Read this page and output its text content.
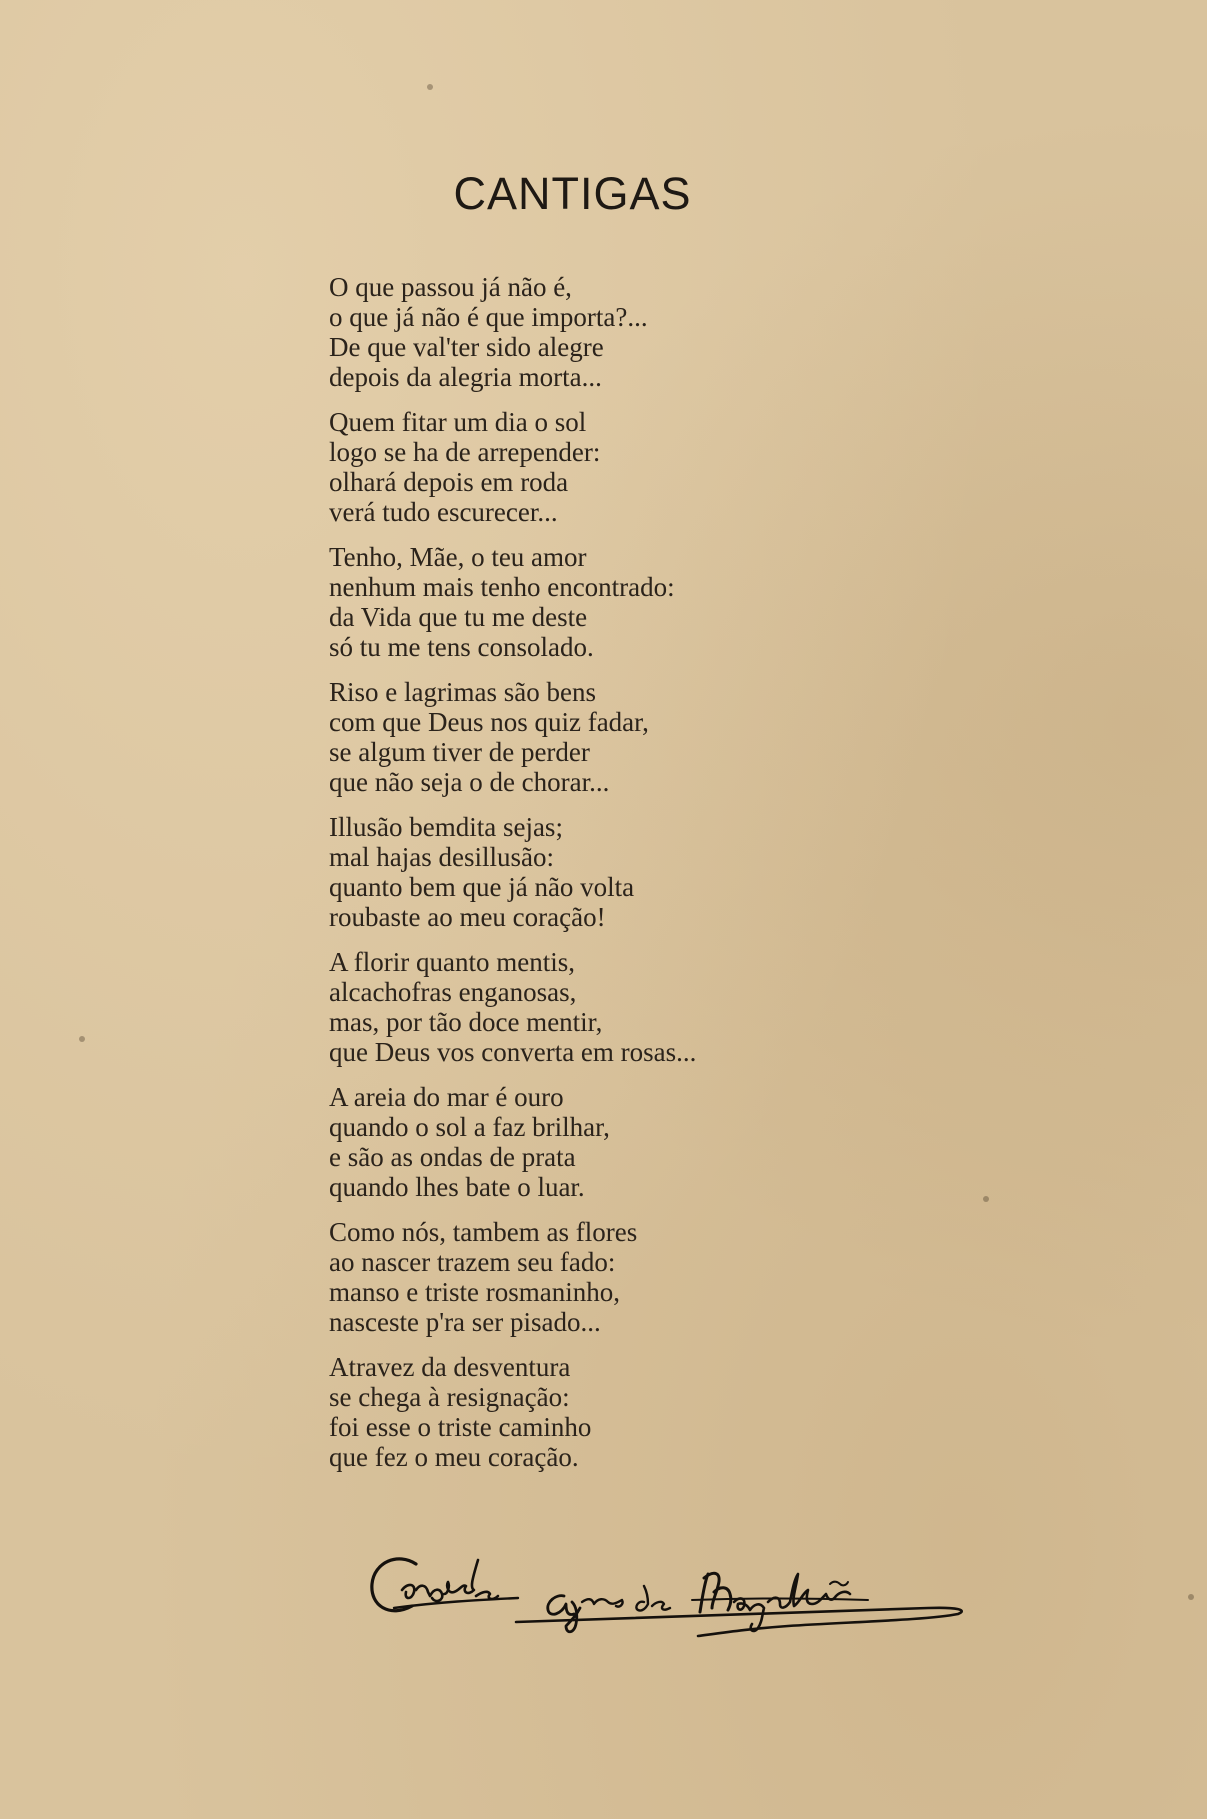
CANTIGAS
O que passou já não é,
o que já não é que importa?...
De que val'ter sido alegre
depois da alegria morta...
Quem fitar um dia o sol
logo se ha de arrepender:
olhará depois em roda
verá tudo escurecer...
Tenho, Mãe, o teu amor
nenhum mais tenho encontrado:
da Vida que tu me deste
só tu me tens consolado.
Riso e lagrimas são bens
com que Deus nos quiz fadar,
se algum tiver de perder
que não seja o de chorar...
Illusão bemdita sejas;
mal hajas desillusão:
quanto bem que já não volta
roubaste ao meu coração!
A florir quanto mentis,
alcachofras enganosas,
mas, por tão doce mentir,
que Deus vos converta em rosas...
A areia do mar é ouro
quando o sol a faz brilhar,
e são as ondas de prata
quando lhes bate o luar.
Como nós, tambem as flores
ao nascer trazem seu fado:
manso e triste rosmaninho,
nasceste p'ra ser pisado...
Atravez da desventura
se chega à resignação:
foi esse o triste caminho
que fez o meu coração.
